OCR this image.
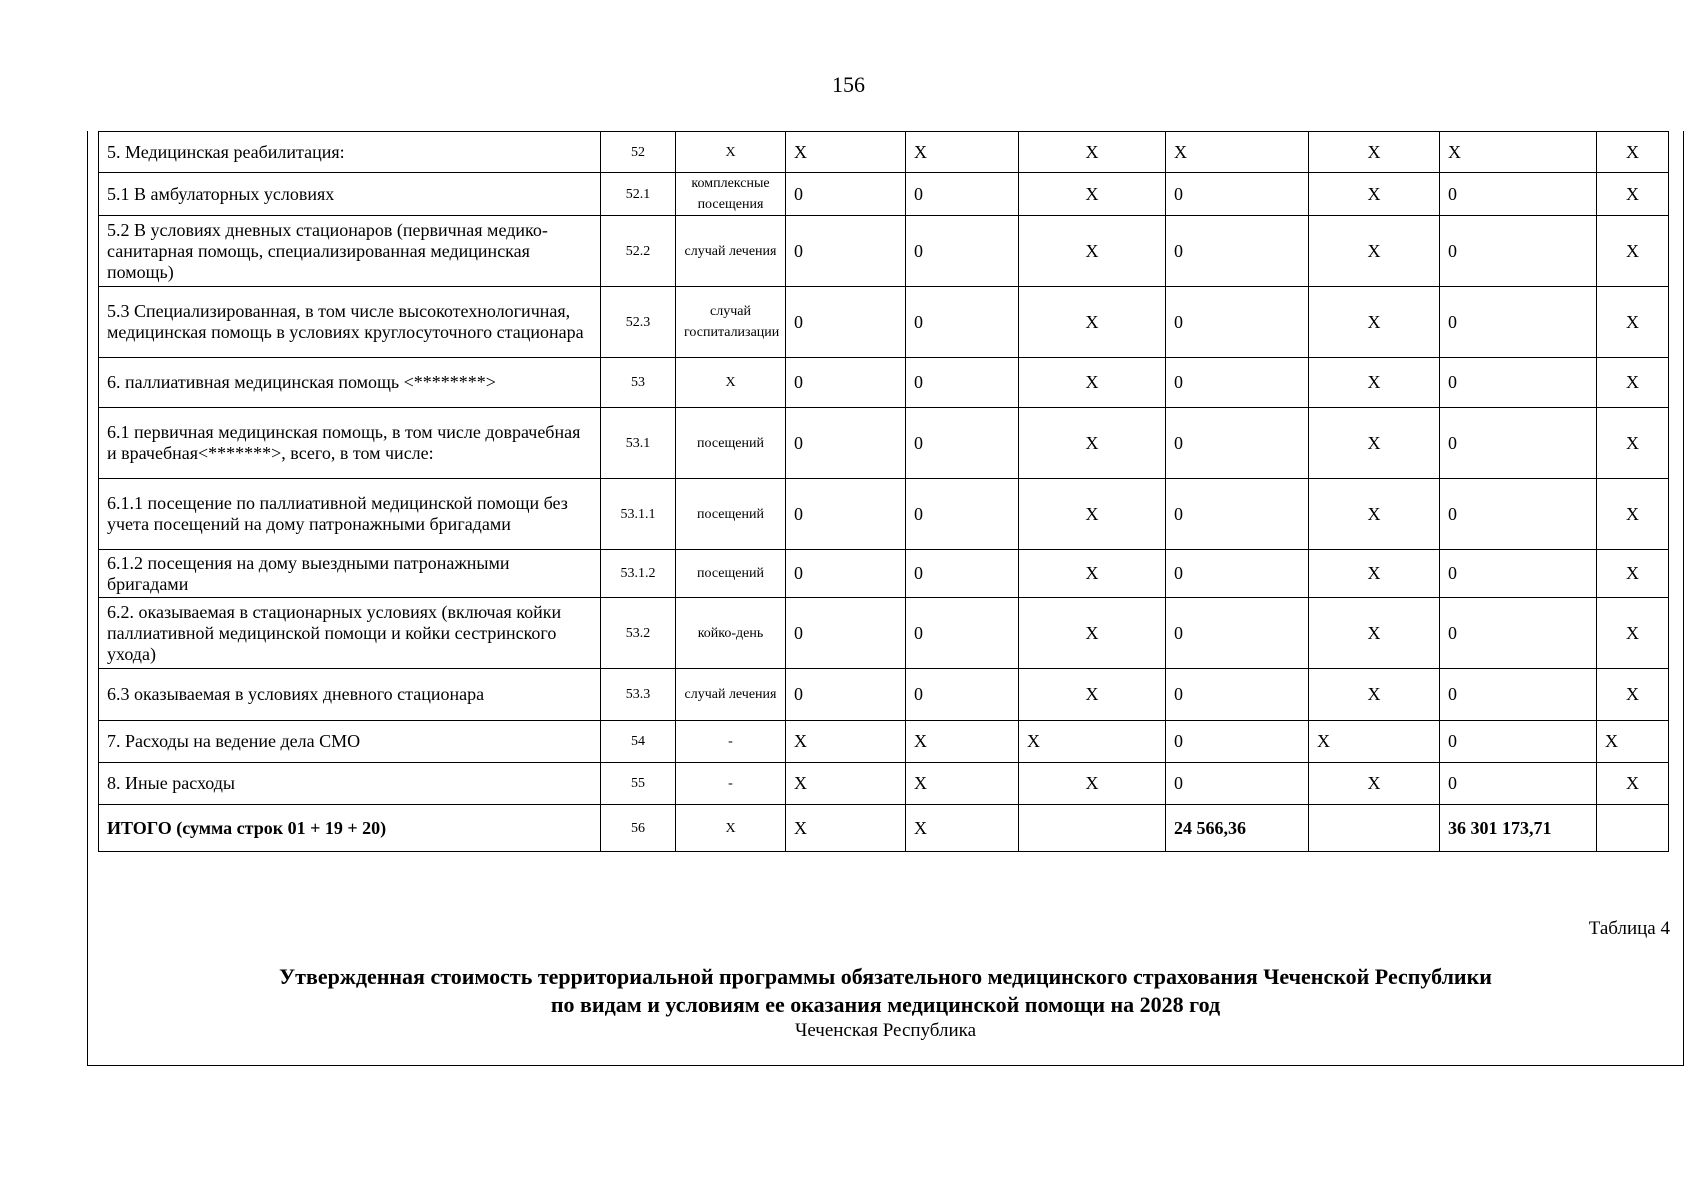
156
5. Медицинская реабилитация:	52	Х	Х	Х	Х	Х	Х	Х	Х
5.1 В амбулаторных условиях	52.1	комплексные посещения	0	0	Х	0	Х	0	Х
5.2 В условиях дневных стационаров (первичная медико-санитарная помощь, специализированная медицинская помощь)	52.2	случай лечения	0	0	Х	0	Х	0	Х
5.3 Специализированная, в том числе высокотехнологичная, медицинская помощь в условиях круглосуточного стационара	52.3	случай госпитализации	0	0	Х	0	Х	0	Х
6. паллиативная медицинская помощь <********>	53	Х	0	0	Х	0	Х	0	Х
6.1 первичная медицинская помощь, в том числе доврачебная и врачебная<*******>, всего, в том числе:	53.1	посещений	0	0	Х	0	Х	0	Х
6.1.1 посещение по паллиативной медицинской помощи без учета посещений на дому патронажными бригадами	53.1.1	посещений	0	0	Х	0	Х	0	Х
6.1.2 посещения на дому выездными патронажными бригадами	53.1.2	посещений	0	0	Х	0	Х	0	Х
6.2. оказываемая в стационарных условиях (включая койки паллиативной медицинской помощи и койки сестринского ухода)	53.2	койко-день	0	0	Х	0	Х	0	Х
6.3 оказываемая в условиях дневного стационара	53.3	случай лечения	0	0	Х	0	Х	0	Х
7. Расходы на ведение дела СМО	54	-	Х	Х	Х	0	Х	0	Х
8. Иные расходы	55	-	Х	Х	Х	0	Х	0	Х
ИТОГО (сумма строк 01 + 19 + 20)	56	Х	Х	Х		24 566,36		36 301 173,71	
Таблица 4
Утвержденная стоимость территориальной программы обязательного медицинского страхования Чеченской Республики
по видам и условиям ее оказания медицинской помощи на 2028 год
Чеченская Республика
